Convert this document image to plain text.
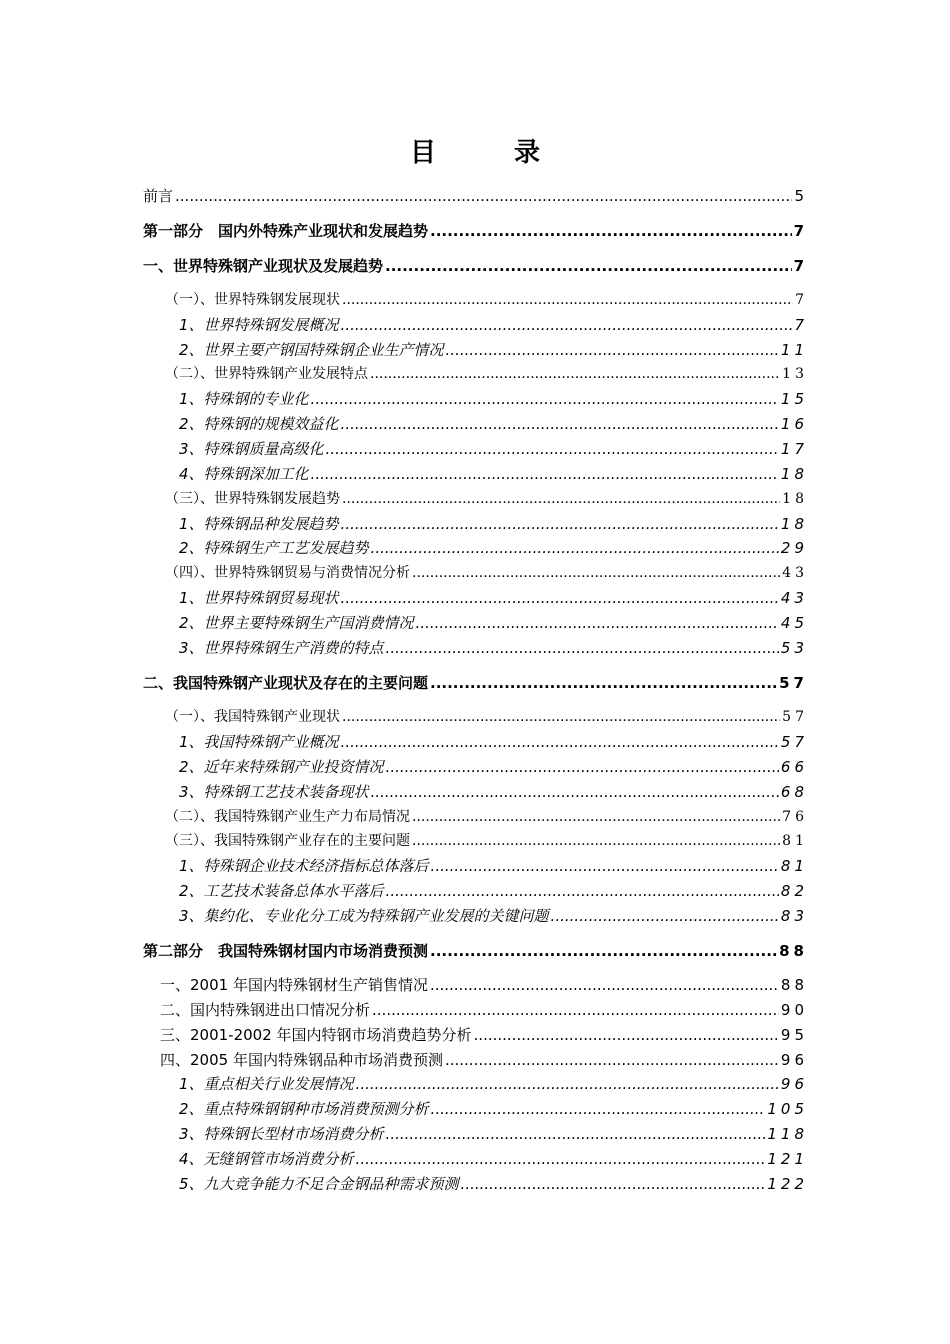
目　录
前言 .....	5
第一部分　国内外特殊产业现状和发展趋势 .....	7
一、世界特殊钢产业现状及发展趋势 .....	7
（一）、世界特殊钢发展现状 .....	7
1、世界特殊钢发展概况 .....	7
2、世界主要产钢国特殊钢企业生产情况 .....	11
（二）、世界特殊钢产业发展特点 .....	13
1、特殊钢的专业化 .....	15
2、特殊钢的规模效益化 .....	16
3、特殊钢质量高级化 .....	17
4、特殊钢深加工化 .....	18
（三）、世界特殊钢发展趋势 .....	18
1、特殊钢品种发展趋势 .....	18
2、特殊钢生产工艺发展趋势 .....	29
（四）、世界特殊钢贸易与消费情况分析 .....	43
1、世界特殊钢贸易现状 .....	43
2、世界主要特殊钢生产国消费情况 .....	45
3、世界特殊钢生产消费的特点 .....	53
二、我国特殊钢产业现状及存在的主要问题 .....	57
（一）、我国特殊钢产业现状 .....	57
1、我国特殊钢产业概况 .....	57
2、近年来特殊钢产业投资情况 .....	66
3、特殊钢工艺技术装备现状 .....	68
（二）、我国特殊钢产业生产力布局情况 .....	76
（三）、我国特殊钢产业存在的主要问题 .....	81
1、特殊钢企业技术经济指标总体落后 .....	81
2、工艺技术装备总体水平落后 .....	82
3、集约化、专业化分工成为特殊钢产业发展的关键问题 .....	83
第二部分　我国特殊钢材国内市场消费预测 .....	88
一、2001 年国内特殊钢材生产销售情况 .....	88
二、国内特殊钢进出口情况分析 .....	90
三、2001-2002 年国内特钢市场消费趋势分析 .....	95
四、2005 年国内特殊钢品种市场消费预测 .....	96
1、重点相关行业发展情况 .....	96
2、重点特殊钢钢种市场消费预测分析 .....	105
3、特殊钢长型材市场消费分析 .....	118
4、无缝钢管市场消费分析 .....	121
5、九大竞争能力不足合金钢品种需求预测 .....	122
